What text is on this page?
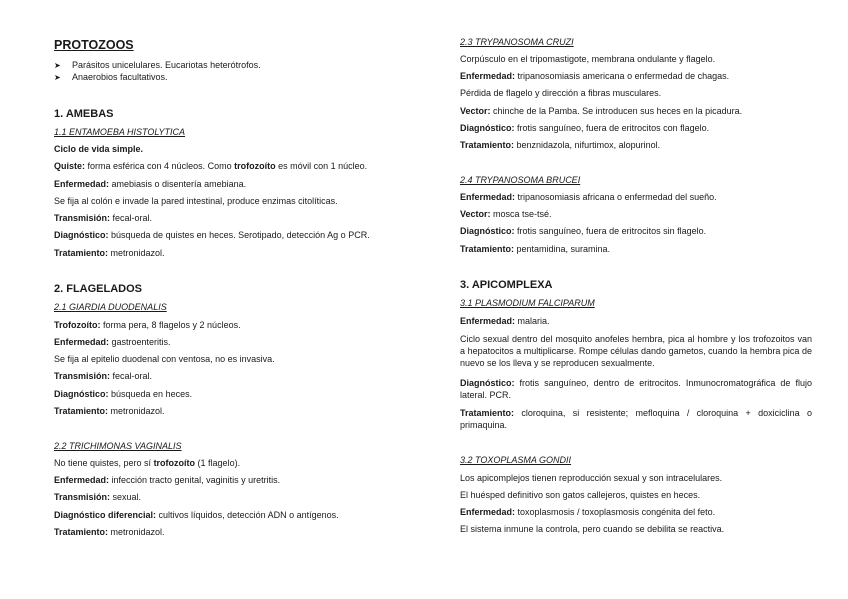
PROTOZOOS
➤ Parásitos unicelulares. Eucariotas heterótrofos.
➤ Anaerobios facultativos.
1. AMEBAS
1.1 ENTAMOEBA HISTOLYTICA
Ciclo de vida simple.
Quiste: forma esférica con 4 núcleos. Como trofozoíto es móvil con 1 núcleo.
Enfermedad: amebiasis o disentería amebiana.
Se fija al colón e invade la pared intestinal, produce enzimas citolíticas.
Transmisión: fecal-oral.
Diagnóstico: búsqueda de quistes en heces. Serotipado, detección Ag o PCR.
Tratamiento: metronidazol.
2. FLAGELADOS
2.1 GIARDIA DUODENALIS
Trofozoíto: forma pera, 8 flagelos y 2 núcleos.
Enfermedad: gastroenteritis.
Se fija al epitelio duodenal con ventosa, no es invasiva.
Transmisión: fecal-oral.
Diagnóstico: búsqueda en heces.
Tratamiento: metronidazol.
2.2 TRICHIMONAS VAGINALIS
No tiene quistes, pero sí trofozoíto (1 flagelo).
Enfermedad: infección tracto genital, vaginitis y uretritis.
Transmisión: sexual.
Diagnóstico diferencial: cultivos líquidos, detección ADN o antígenos.
Tratamiento: metronidazol.
2.3 TRYPANOSOMA CRUZI
Corpúsculo en el tripomastigote, membrana ondulante y flagelo.
Enfermedad: tripanosomiasis americana o enfermedad de chagas.
Pérdida de flagelo y dirección a fibras musculares.
Vector: chinche de la Pamba. Se introducen sus heces en la picadura.
Diagnóstico: frotis sanguíneo, fuera de eritrocitos con flagelo.
Tratamiento: benznidazola, nifurtimox, alopurinol.
2.4 TRYPANOSOMA BRUCEI
Enfermedad: tripanosomiasis africana o enfermedad del sueño.
Vector: mosca tse-tsé.
Diagnóstico: frotis sanguíneo, fuera de eritrocitos sin flagelo.
Tratamiento: pentamidina, suramina.
3. APICOMPLEXA
3.1 PLASMODIUM FALCIPARUM
Enfermedad: malaria.
Ciclo sexual dentro del mosquito anofeles hembra, pica al hombre y los trofozoitos van a hepatocitos a multiplicarse. Rompe células dando gametos, cuando la hembra pica de nuevo se los lleva y se reproducen sexualmente.
Diagnóstico: frotis sanguíneo, dentro de eritrocitos. Inmunocromatográfica de flujo lateral. PCR.
Tratamiento: cloroquina, si resistente; mefloquina / cloroquina + doxiciclina o primaquina.
3.2 TOXOPLASMA GONDII
Los apicomplejos tienen reproducción sexual y son intracelulares.
El huésped definitivo son gatos callejeros, quistes en heces.
Enfermedad: toxoplasmosis / toxoplasmosis congénita del feto.
El sistema inmune la controla, pero cuando se debilita se reactiva.
